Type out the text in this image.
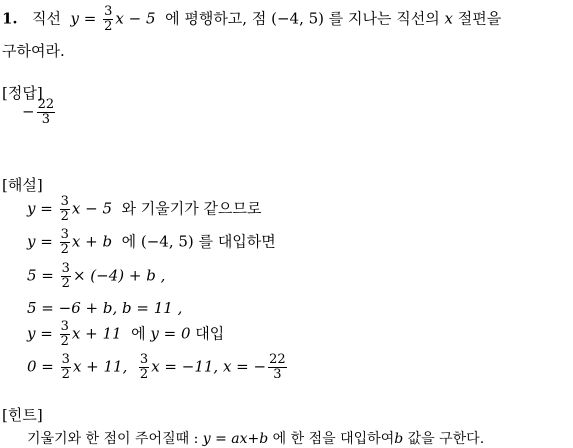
1. 직선 $y = \frac{3}{2}$ x − 5 에 평행하고, 점 (−4, 5) 를 지나는 직선의 x 절편을
구하여라.
[정답]
− $\frac{22}{3}$
[해설]
$y = \frac{3}{2}$ x − 5 와 기울기가 같으므로
$y = \frac{3}{2}$ x + b 에 (−4, 5) 를 대입하면
$5 = \frac{3}{2} \times (-4) + b$ ,
5 = −6 + b, b = 11 ,
$y = \frac{3}{2}$ x + 11 에 y = 0 대입
$0 = \frac{3}{2}$ x + 11, $\frac{3}{2}$ x = −11, x = − $\frac{22}{3}$
[힌트]
기울기와 한 점이 주어질때 : y = ax+b 에 한 점을 대입하여b 값을 구한다.
